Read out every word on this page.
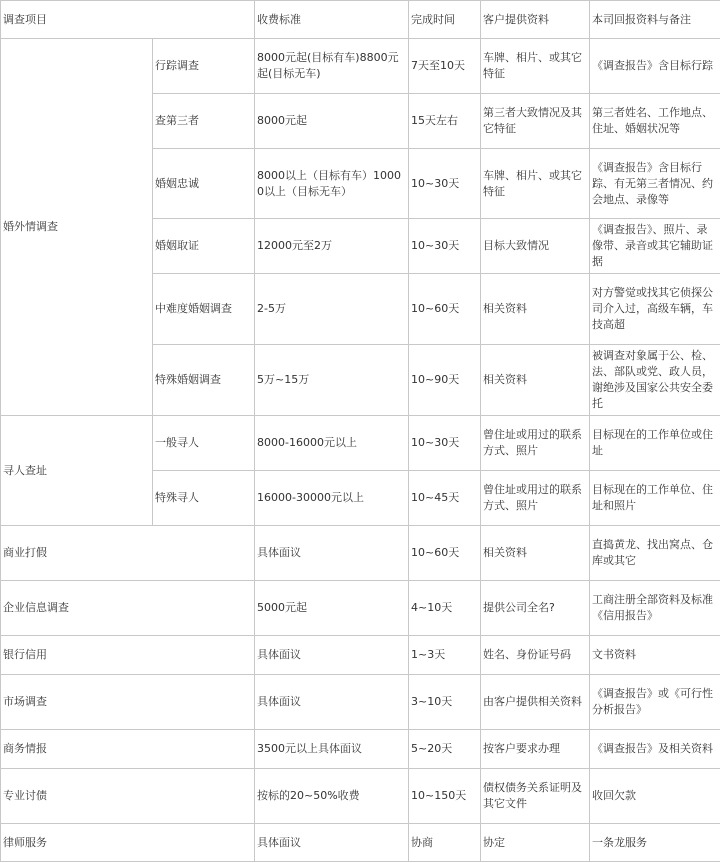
调查项目		收费标准	完成时间	客户提供资料	本司回报资料与备注
婚外情调查	行踪调查	8000元起(目标有车)8800元起(目标无车)	7天至10天	车牌、相片、或其它特征	《调查报告》含目标行踪
	查第三者	8000元起	15天左右	第三者大致情况及其它特征	第三者姓名、工作地点、住址、婚姻状况等
	婚姻忠诚	8000以上（目标有车）10000以上（目标无车）	10~30天	车牌、相片、或其它特征	《调查报告》含目标行踪、有无第三者情况、约会地点、录像等
	婚姻取证	12000元至2万	10~30天	目标大致情况	《调查报告》、照片、录像带、录音或其它辅助证据
	中难度婚姻调查	2-5万	10~60天	相关资料	对方警觉或找其它侦探公司介入过，高级车辆，车技高超
	特殊婚姻调查	5万~15万	10~90天	相关资料	被调查对象属于公、检、法、部队或党、政人员，谢绝涉及国家公共安全委托
寻人查址	一般寻人	8000-16000元以上	10~30天	曾住址或用过的联系方式、照片	目标现在的工作单位或住址
	特殊寻人	16000-30000元以上	10~45天	曾住址或用过的联系方式、照片	目标现在的工作单位、住址和照片
商业打假		具体面议	10~60天	相关资料	直捣黄龙、找出窝点、仓库或其它
企业信息调查		5000元起	4~10天	提供公司全名?	工商注册全部资料及标准《信用报告》
银行信用		具体面议	1~3天	姓名、身份证号码	文书资料
市场调查		具体面议	3~10天	由客户提供相关资料	《调查报告》或《可行性分析报告》
商务情报		3500元以上具体面议	5~20天	按客户要求办理	《调查报告》及相关资料
专业讨债		按标的20~50%收费	10~150天	债权债务关系证明及其它文件	收回欠款
律师服务		具体面议	协商	协定	一条龙服务
